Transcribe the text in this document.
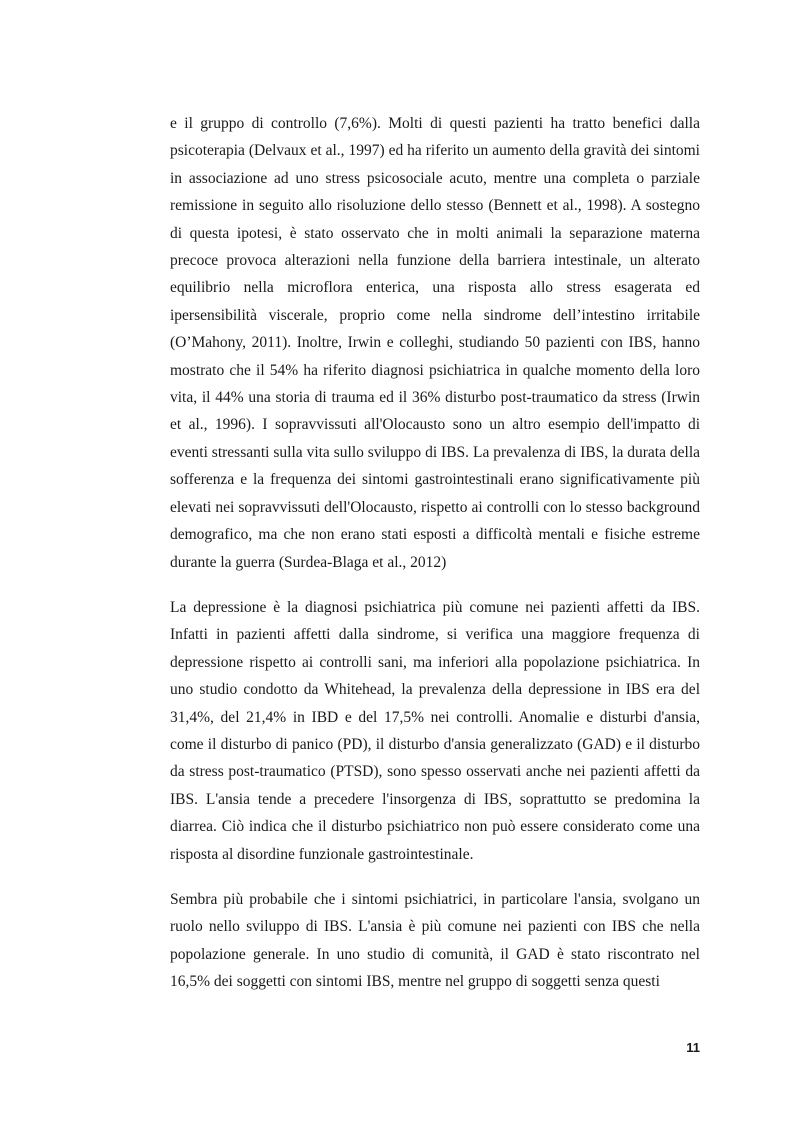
e il gruppo di controllo (7,6%). Molti di questi pazienti ha tratto benefici dalla psicoterapia (Delvaux et al., 1997) ed ha riferito un aumento della gravità dei sintomi in associazione ad uno stress psicosociale acuto, mentre una completa o parziale remissione in seguito allo risoluzione dello stesso (Bennett et al., 1998). A sostegno di questa ipotesi, è stato osservato che in molti animali la separazione materna precoce provoca alterazioni nella funzione della barriera intestinale, un alterato equilibrio nella microflora enterica, una risposta allo stress esagerata ed ipersensibilità viscerale, proprio come nella sindrome dell’intestino irritabile (O’Mahony, 2011). Inoltre, Irwin e colleghi, studiando 50 pazienti con IBS, hanno mostrato che il 54% ha riferito diagnosi psichiatrica in qualche momento della loro vita, il 44% una storia di trauma ed il 36% disturbo post-traumatico da stress (Irwin et al., 1996). I sopravvissuti all'Olocausto sono un altro esempio dell'impatto di eventi stressanti sulla vita sullo sviluppo di IBS. La prevalenza di IBS, la durata della sofferenza e la frequenza dei sintomi gastrointestinali erano significativamente più elevati nei sopravvissuti dell'Olocausto, rispetto ai controlli con lo stesso background demografico, ma che non erano stati esposti a difficoltà mentali e fisiche estreme durante la guerra (Surdea-Blaga et al., 2012)

La depressione è la diagnosi psichiatrica più comune nei pazienti affetti da IBS. Infatti in pazienti affetti dalla sindrome, si verifica una maggiore frequenza di depressione rispetto ai controlli sani, ma inferiori alla popolazione psichiatrica. In uno studio condotto da Whitehead, la prevalenza della depressione in IBS era del 31,4%, del 21,4% in IBD e del 17,5% nei controlli. Anomalie e disturbi d'ansia, come il disturbo di panico (PD), il disturbo d'ansia generalizzato (GAD) e il disturbo da stress post-traumatico (PTSD), sono spesso osservati anche nei pazienti affetti da IBS. L'ansia tende a precedere l'insorgenza di IBS, soprattutto se predomina la diarrea. Ciò indica che il disturbo psichiatrico non può essere considerato come una risposta al disordine funzionale gastrointestinale.

Sembra più probabile che i sintomi psichiatrici, in particolare l'ansia, svolgano un ruolo nello sviluppo di IBS. L'ansia è più comune nei pazienti con IBS che nella popolazione generale. In uno studio di comunità, il GAD è stato riscontrato nel 16,5% dei soggetti con sintomi IBS, mentre nel gruppo di soggetti senza questi

11
